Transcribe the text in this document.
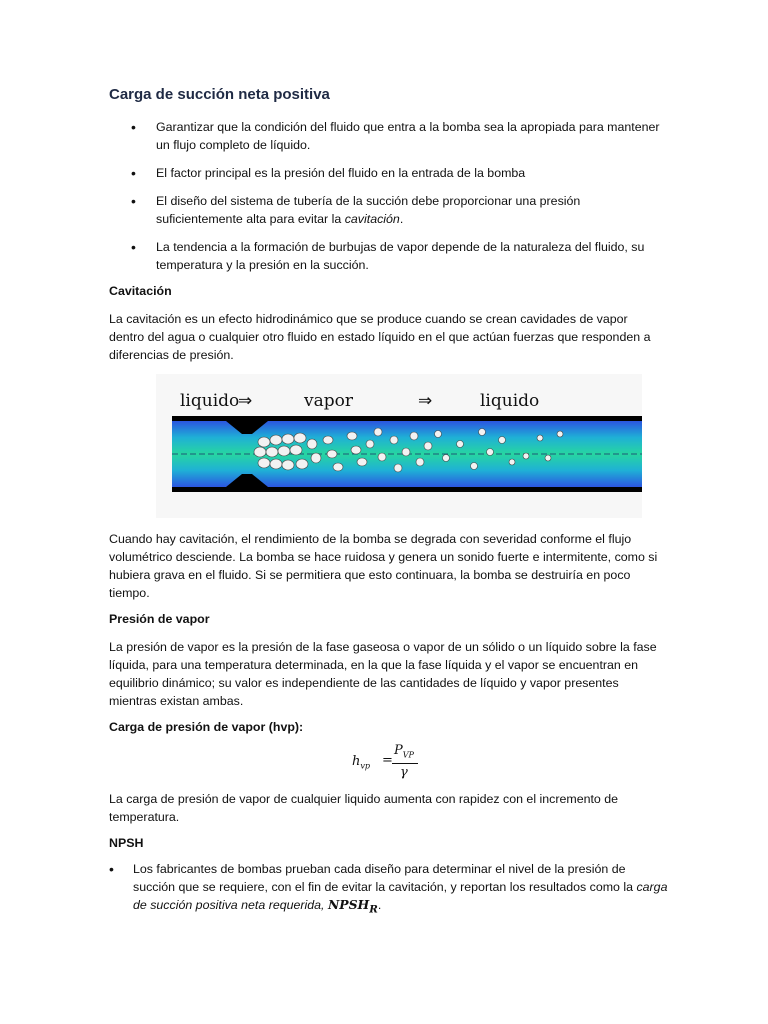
Carga de succión neta positiva
• Garantizar que la condición del fluido que entra a la bomba sea la apropiada para mantener un flujo completo de líquido.
• El factor principal es la presión del fluido en la entrada de la bomba
• El diseño del sistema de tubería de la succión debe proporcionar una presión suficientemente alta para evitar la cavitación.
• La tendencia a la formación de burbujas de vapor depende de la naturaleza del fluido, su temperatura y la presión en la succión.
Cavitación
La cavitación es un efecto hidrodinámico que se produce cuando se crean cavidades de vapor dentro del agua o cualquier otro fluido en estado líquido en el que actúan fuerzas que responden a diferencias de presión.
liquido
⇒	vapor	⇒	liquido
Cuando hay cavitación, el rendimiento de la bomba se degrada con severidad conforme el flujo volumétrico desciende. La bomba se hace ruidosa y genera un sonido fuerte e intermitente, como si hubiera grava en el fluido. Si se permitiera que esto continuara, la bomba se destruiría en poco tiempo.
Presión de vapor
La presión de vapor es la presión de la fase gaseosa o vapor de un sólido o un líquido sobre la fase líquida, para una temperatura determinada, en la que la fase líquida y el vapor se encuentran en equilibrio dinámico; su valor es independiente de las cantidades de líquido y vapor presentes mientras existan ambas.
Carga de presión de vapor (hvp):
$h_{vp}$ =
$P_{VP}$
γ
La carga de presión de vapor de cualquier liquido aumenta con rapidez con el incremento de temperatura.
NPSH
•	Los fabricantes de bombas prueban cada diseño para determinar el nivel de la presión de succión que se requiere, con el fin de evitar la cavitación, y reportan los resultados como la carga de succión positiva neta requerida, $NPSH_R$.
